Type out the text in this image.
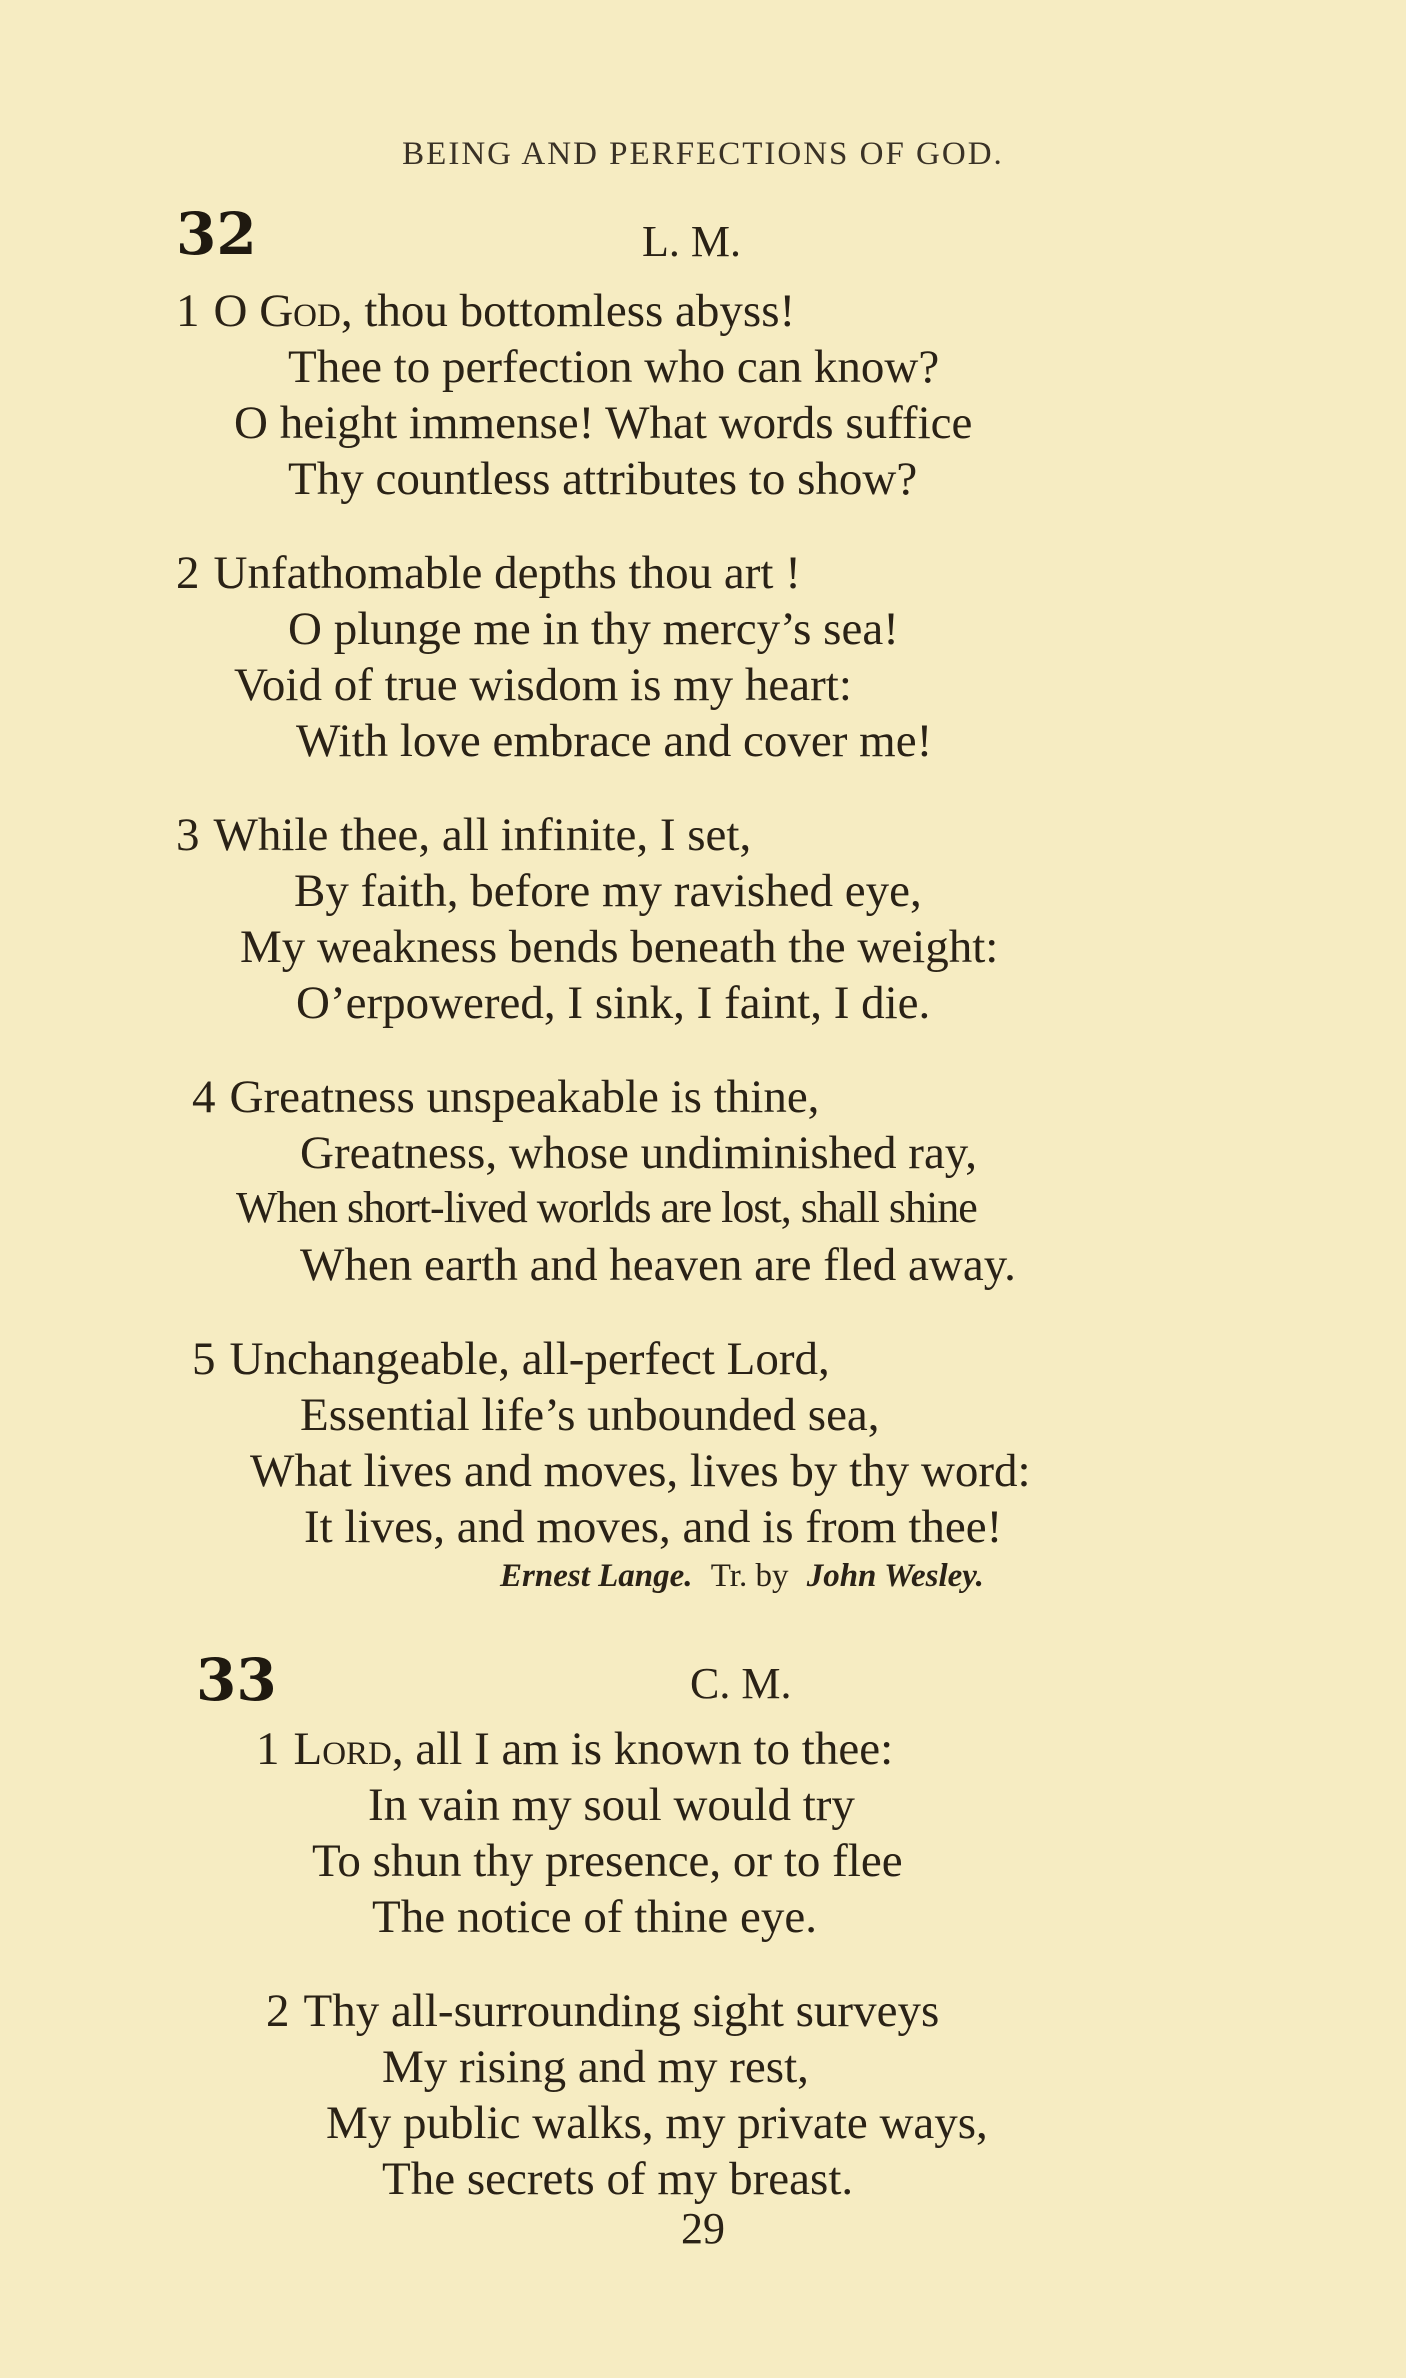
BEING AND PERFECTIONS OF GOD.
32	L. M.
1 O God, thou bottomless abyss!
Thee to perfection who can know?
O height immense! What words suffice
Thy countless attributes to show?
2 Unfathomable depths thou art !
O plunge me in thy mercy’s sea!
Void of true wisdom is my heart:
With love embrace and cover me!
3 While thee, all infinite, I set,
By faith, before my ravished eye,
My weakness bends beneath the weight:
O’erpowered, I sink, I faint, I die.
4 Greatness unspeakable is thine,
Greatness, whose undiminished ray,
When short-lived worlds are lost, shall shine
When earth and heaven are fled away.
5 Unchangeable, all-perfect Lord,
Essential life’s unbounded sea,
What lives and moves, lives by thy word:
It lives, and moves, and is from thee!
Ernest Lange. Tr. by John Wesley.
33	C. M.
1 Lord, all I am is known to thee:
In vain my soul would try
To shun thy presence, or to flee
The notice of thine eye.
2 Thy all-surrounding sight surveys
My rising and my rest,
My public walks, my private ways,
The secrets of my breast.
29
